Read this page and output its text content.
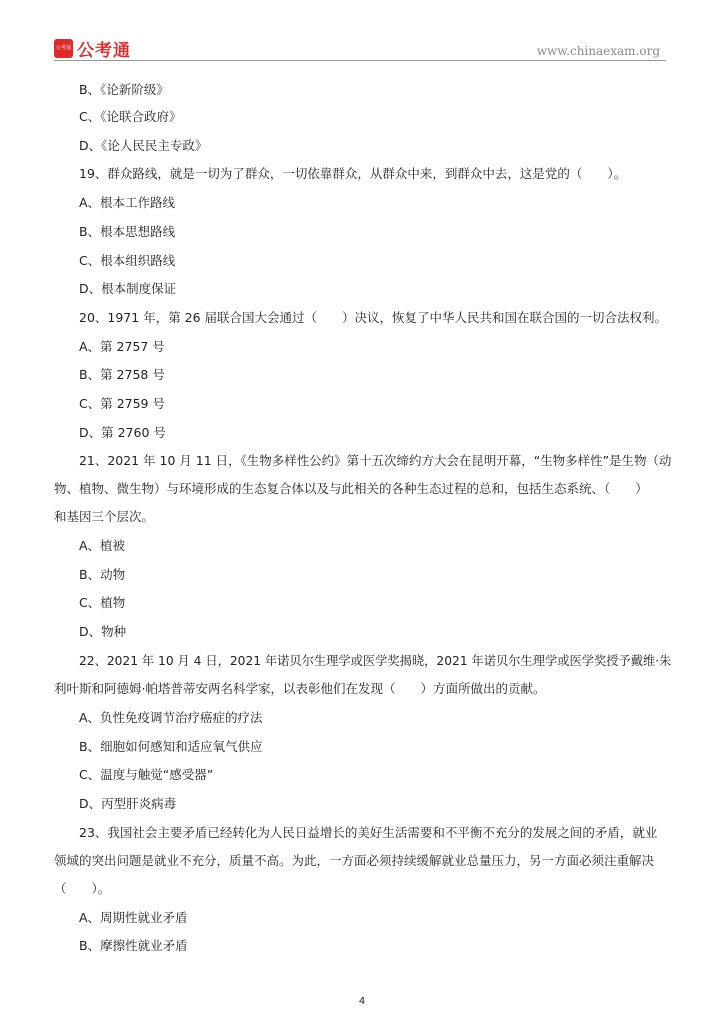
公考通 公考通	www.chinaexam.org
B、《论新阶级》
C、《论联合政府》
D、《论人民民主专政》
19、群众路线，就是一切为了群众，一切依靠群众，从群众中来，到群众中去，这是党的（　　）。
A、根本工作路线
B、根本思想路线
C、根本组织路线
D、根本制度保证
20、1971 年，第 26 届联合国大会通过（　　）决议，恢复了中华人民共和国在联合国的一切合法权利。
A、第 2757 号
B、第 2758 号
C、第 2759 号
D、第 2760 号
21、2021 年 10 月 11 日，《生物多样性公约》第十五次缔约方大会在昆明开幕，“生物多样性”是生物（动
物、植物、微生物）与环境形成的生态复合体以及与此相关的各种生态过程的总和，包括生态系统、（　　）
和基因三个层次。
A、植被
B、动物
C、植物
D、物种
22、2021 年 10 月 4 日，2021 年诺贝尔生理学或医学奖揭晓，2021 年诺贝尔生理学或医学奖授予戴维·朱
利叶斯和阿德姆·帕塔普蒂安两名科学家，以表彰他们在发现（　　）方面所做出的贡献。
A、负性免疫调节治疗癌症的疗法
B、细胞如何感知和适应氧气供应
C、温度与触觉“感受器”
D、丙型肝炎病毒
23、我国社会主要矛盾已经转化为人民日益增长的美好生活需要和不平衡不充分的发展之间的矛盾，就业
领域的突出问题是就业不充分，质量不高。为此，一方面必须持续缓解就业总量压力，另一方面必须注重解决
（　　）。
A、周期性就业矛盾
B、摩擦性就业矛盾
4
